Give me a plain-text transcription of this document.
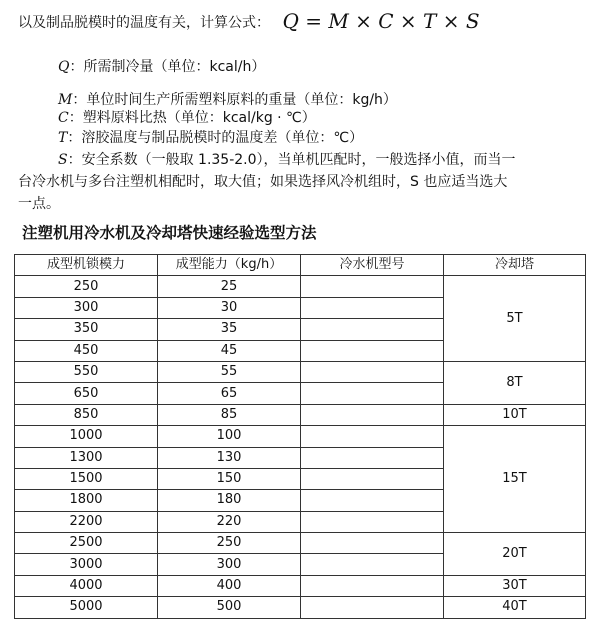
以及制品脱模时的温度有关，计算公式： Q = M × C × T × S
Q：所需制冷量（单位：kcal/h）
M：单位时间生产所需塑料原料的重量（单位：kg/h）
C：塑料原料比热（单位：kcal/kg · ℃）
T：溶胶温度与制品脱模时的温度差（单位：℃）
S：安全系数（一般取 1.35-2.0），当单机匹配时，一般选择小值，而当一
台冷水机与多台注塑机相配时，取大值；如果选择风冷机组时，S 也应适当选大
一点。
注塑机用冷水机及冷却塔快速经验选型方法
成型机锁模力	成型能力（kg/h）	冷水机型号	冷却塔
250	25		5T
300	30		
350	35		
450	45		
550	55		8T
650	65		
850	85		10T
1000	100		15T
1300	130		
1500	150		
1800	180		
2200	220		
2500	250		20T
3000	300		
4000	400		30T
5000	500		40T
